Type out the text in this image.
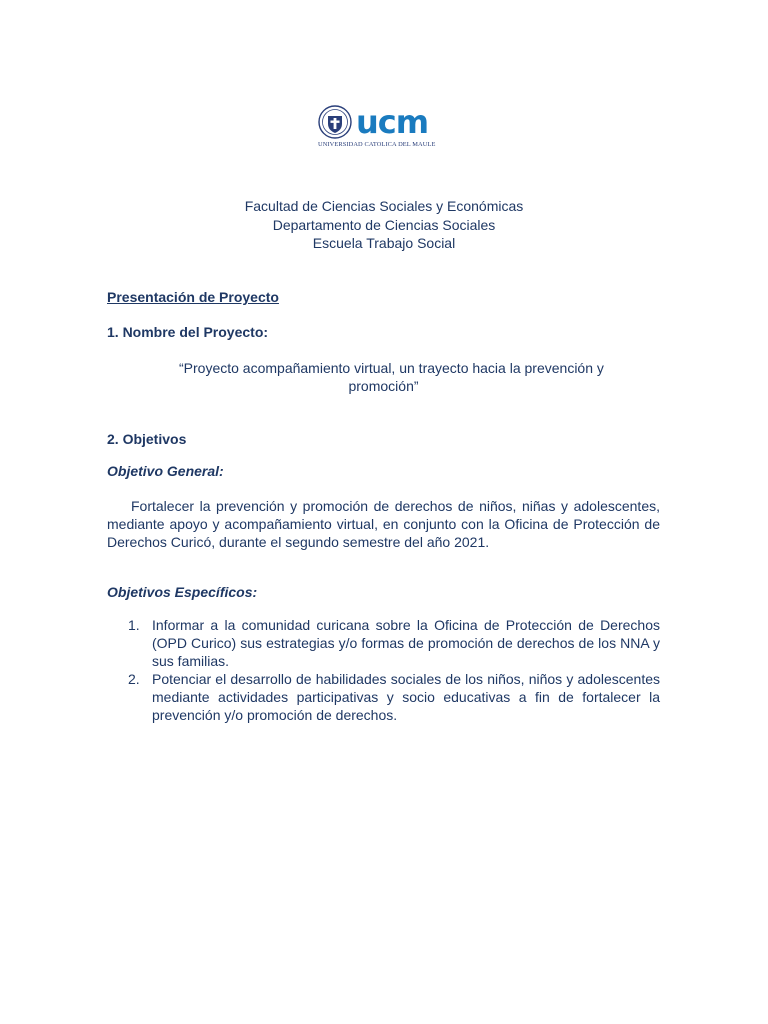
ucm
UNIVERSIDAD CATOLICA DEL MAULE
Facultad de Ciencias Sociales y Económicas
Departamento de Ciencias Sociales
Escuela Trabajo Social
Presentación de Proyecto
1. Nombre del Proyecto:
“Proyecto acompañamiento virtual, un trayecto hacia la prevención y
promoción”
2. Objetivos
Objetivo General:
Fortalecer la prevención y promoción de derechos de niños, niñas y adolescentes, mediante apoyo y acompañamiento virtual, en conjunto con la Oficina de Protección de Derechos Curicó, durante el segundo semestre del año 2021.
Objetivos Específicos:
1. Informar a la comunidad curicana sobre la Oficina de Protección de Derechos (OPD Curico) sus estrategias y/o formas de promoción de derechos de los NNA y sus familias.
2. Potenciar el desarrollo de habilidades sociales de los niños, niños y adolescentes mediante actividades participativas y socio educativas a fin de fortalecer la prevención y/o promoción de derechos.
